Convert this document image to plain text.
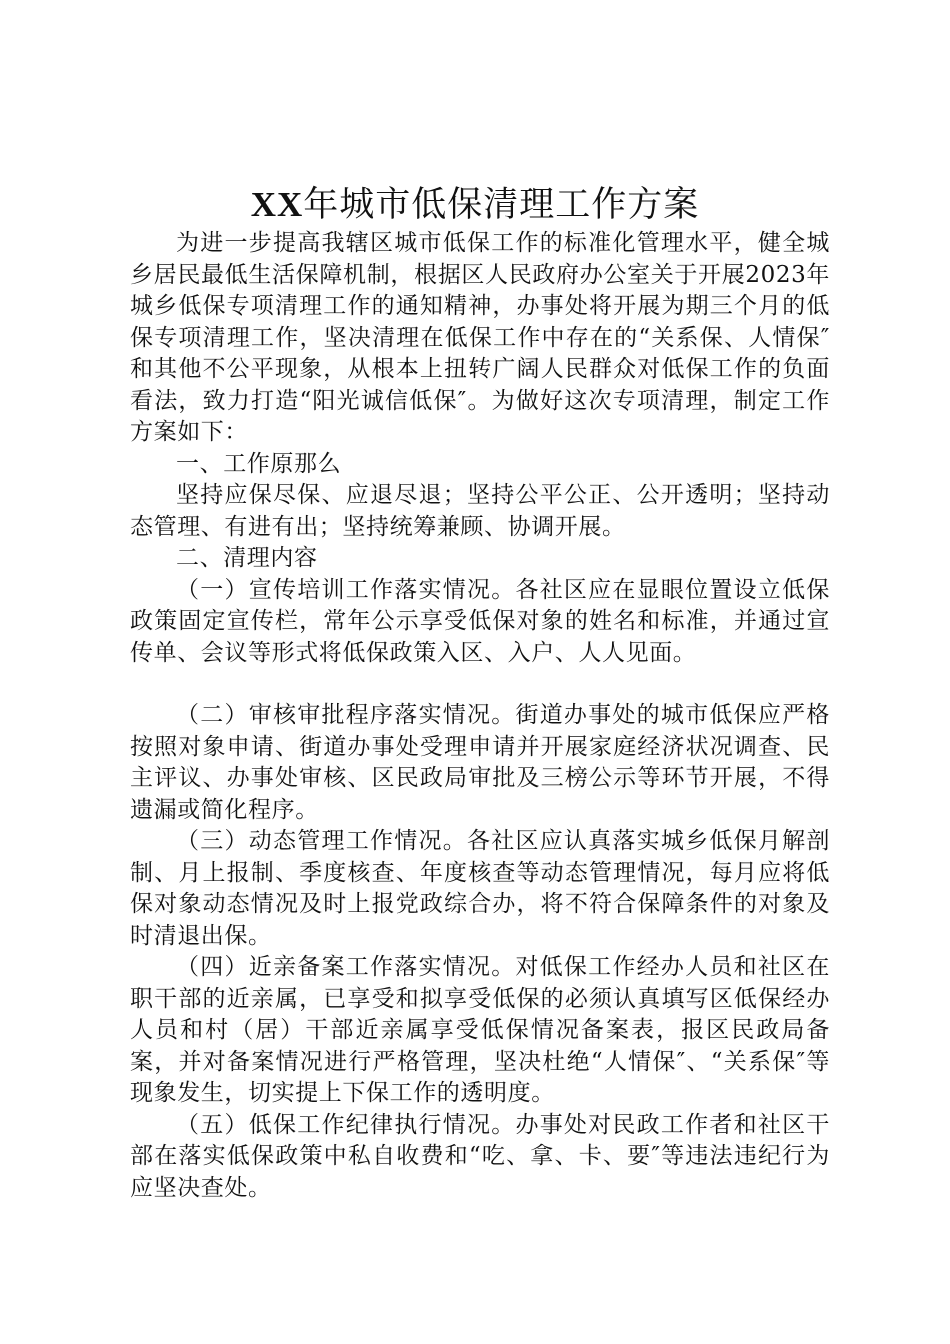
XX年城市低保清理工作方案

为进一步提高我辖区城市低保工作的标准化管理水平，健全城乡居民最低生活保障机制，根据区人民政府办公室关于开展2023年城乡低保专项清理工作的通知精神，办事处将开展为期三个月的低保专项清理工作，坚决清理在低保工作中存在的“关系保、人情保″和其他不公平现象，从根本上扭转广阔人民群众对低保工作的负面看法，致力打造“阳光诚信低保″。为做好这次专项清理，制定工作方案如下：

一、工作原那么

坚持应保尽保、应退尽退；坚持公平公正、公开透明；坚持动态管理、有进有出；坚持统筹兼顾、协调开展。

二、清理内容

（一）宣传培训工作落实情况。各社区应在显眼位置设立低保政策固定宣传栏，常年公示享受低保对象的姓名和标准，并通过宣传单、会议等形式将低保政策入区、入户、人人见面。

（二）审核审批程序落实情况。街道办事处的城市低保应严格按照对象申请、街道办事处受理申请并开展家庭经济状况调查、民主评议、办事处审核、区民政局审批及三榜公示等环节开展，不得遗漏或简化程序。

（三）动态管理工作情况。各社区应认真落实城乡低保月解剖制、月上报制、季度核查、年度核查等动态管理情况，每月应将低保对象动态情况及时上报党政综合办，将不符合保障条件的对象及时清退出保。

（四）近亲备案工作落实情况。对低保工作经办人员和社区在职干部的近亲属，已享受和拟享受低保的必须认真填写区低保经办人员和村（居）干部近亲属享受低保情况备案表，报区民政局备案，并对备案情况进行严格管理，坚决杜绝“人情保″、“关系保″等现象发生，切实提上下保工作的透明度。

（五）低保工作纪律执行情况。办事处对民政工作者和社区干部在落实低保政策中私自收费和“吃、拿、卡、要″等违法违纪行为应坚决查处。
